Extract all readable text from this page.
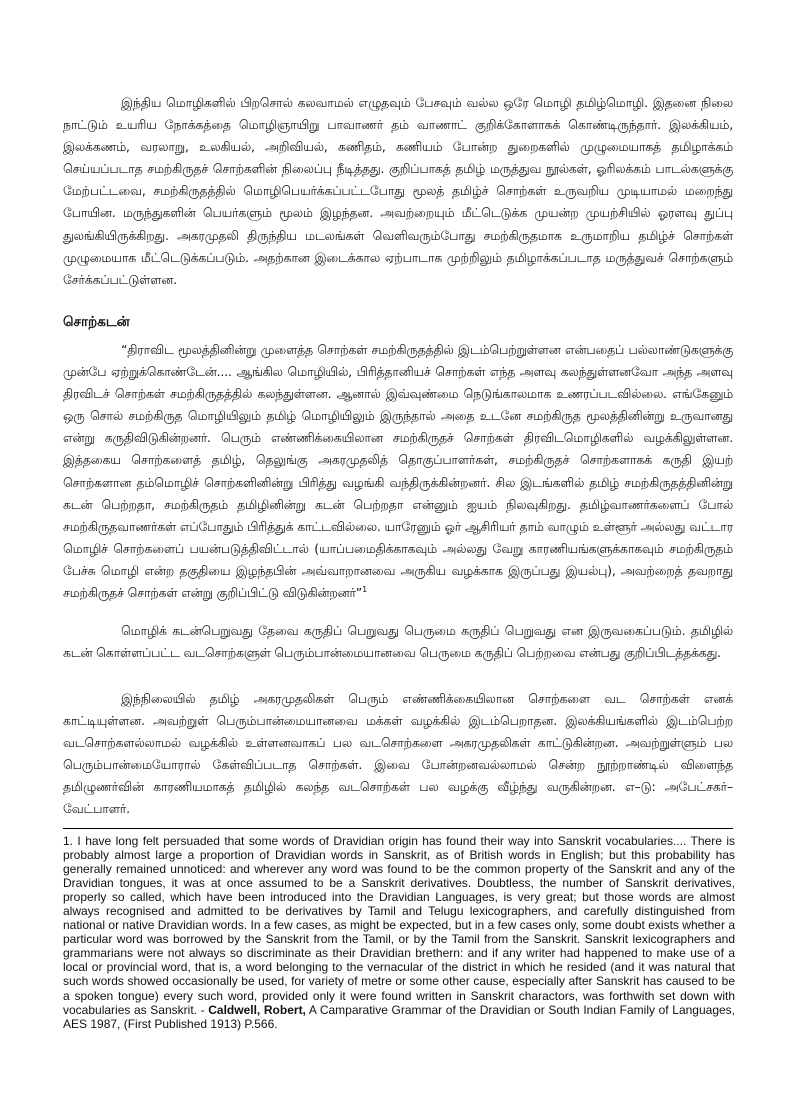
இந்திய மொழிகளில் பிறசொல் கலவாமல் எழுதவும் பேசவும் வல்ல ஒரே மொழி தமிழ்மொழி. இதனை நிலை நாட்டும் உயரிய நோக்கத்தை மொழிஞாயிறு பாவாணர் தம் வாணாட் குறிக்கோளாகக் கொண்டிருந்தார். இலக்கியம், இலக்கணம், வரலாறு, உலகியல், அறிவியல், கணிதம், கணியம் போன்ற துறைகளில் முழுமையாகத் தமிழாக்கம் செய்யப்படாத சமற்கிருதச் சொற்களின் நிலைப்பு நீடித்தது. குறிப்பாகத் தமிழ் மருத்துவ நூல்கள், ஓரிலக்கம் பாடல்களுக்கு மேற்பட்டவை, சமற்கிருதத்தில் மொழிபெயர்க்கப்பட்டபோது மூலத் தமிழ்ச் சொற்கள் உருவறிய முடியாமல் மறைந்து போயின. மருந்துகளின் பெயர்களும் மூலம் இழந்தன. அவற்றையும் மீட்டெடுக்க முயன்ற முயற்சியில் ஓரளவு துப்பு துலங்கியிருக்கிறது. அகரமுதலி திருந்திய மடலங்கள் வெளிவரும்போது சமற்கிருதமாக உருமாறிய தமிழ்ச் சொற்கள் முழுமையாக மீட்டெடுக்கப்படும். அதற்கான இடைக்கால ஏற்பாடாக முற்றிலும் தமிழாக்கப்படாத மருத்துவச் சொற்களும் சேர்க்கப்பட்டுள்ளன.

சொற்கடன்

“திராவிட மூலத்தினின்று முளைத்த சொற்கள் சமற்கிருதத்தில் இடம்பெற்றுள்ளன என்பதைப் பல்லாண்டுகளுக்கு முன்பே ஏற்றுக்கொண்டேன்.... ஆங்கில மொழியில், பிரித்தானியச் சொற்கள் எந்த அளவு கலந்துள்ளனவோ அந்த அளவு திரவிடச் சொற்கள் சமற்கிருதத்தில் கலந்துள்ளன. ஆனால் இவ்வுண்மை நெடுங்காலமாக உணரப்படவில்லை. எங்கேனும் ஒரு சொல் சமற்கிருத மொழியிலும் தமிழ் மொழியிலும் இருந்தால் அதை உடனே சமற்கிருத மூலத்தினின்று உருவானது என்று கருதிவிடுகின்றனர். பெரும் எண்ணிக்கையிலான சமற்கிருதச் சொற்கள் திரவிடமொழிகளில் வழக்கிலுள்ளன. இத்தகைய சொற்களைத் தமிழ், தெலுங்கு அகரமுதலித் தொகுப்பாளர்கள், சமற்கிருதச் சொற்களாகக் கருதி இயற் சொற்களான தம்மொழிச் சொற்களினின்று பிரித்து வழங்கி வந்திருக்கின்றனர். சில இடங்களில் தமிழ் சமற்கிருதத்தினின்று கடன் பெற்றதா, சமற்கிருதம் தமிழினின்று கடன் பெற்றதா என்னும் ஐயம் நிலவுகிறது. தமிழ்வாணர்களைப் போல் சமற்கிருதவாணர்கள் எப்போதும் பிரித்துக் காட்டவில்லை. யாரேனும் ஓர் ஆசிரியர் தாம் வாழும் உள்ளூர் அல்லது வட்டார மொழிச் சொற்களைப் பயன்படுத்திவிட்டால் (யாப்பமைதிக்காகவும் அல்லது வேறு காரணியங்களுக்காகவும் சமற்கிருதம் பேச்சு மொழி என்ற தகுதியை இழந்தபின் அவ்வாறானவை அருகிய வழக்காக இருப்பது இயல்பு), அவற்றைத் தவறாது சமற்கிருதச் சொற்கள் என்று குறிப்பிட்டு விடுகின்றனர்”$^1$

மொழிக் கடன்பெறுவது தேவை கருதிப் பெறுவது பெருமை கருதிப் பெறுவது என இருவகைப்படும். தமிழில் கடன் கொள்ளப்பட்ட வடசொற்களுள் பெரும்பான்மையானவை பெருமை கருதிப் பெற்றவை என்பது குறிப்பிடத்தக்கது.

இந்நிலையில் தமிழ் அகரமுதலிகள் பெரும் எண்ணிக்கையிலான சொற்களை வட சொற்கள் எனக் காட்டியுள்ளன. அவற்றுள் பெரும்பான்மையானவை மக்கள் வழக்கில் இடம்பெறாதன. இலக்கியங்களில் இடம்பெற்ற வடசொற்களல்லாமல் வழக்கில் உள்ளனவாகப் பல வடசொற்களை அகரமுதலிகள் காட்டுகின்றன. அவற்றுள்ளும் பல பெரும்பான்மையோரால் கேள்விப்படாத சொற்கள். இவை போன்றனவல்லாமல் சென்ற நூற்றாண்டில் விளைந்த தமிழுணர்வின் காரணியமாகத் தமிழில் கலந்த வடசொற்கள் பல வழக்கு வீழ்ந்து வருகின்றன. எ–டு: அபேட்சகர்–வேட்பாளர்.

1. I have long felt persuaded that some words of Dravidian origin has found their way into Sanskrit vocabularies.... There is probably almost large a proportion of Dravidian words in Sanskrit, as of British words in English; but this probability has generally remained unnoticed: and wherever any word was found to be the common property of the Sanskrit and any of the Dravidian tongues, it was at once assumed to be a Sanskrit derivatives. Doubtless, the number of Sanskrit derivatives, properly so called, which have been introduced into the Dravidian Languages, is very great; but those words are almost always recognised and admitted to be derivatives by Tamil and Telugu lexicographers, and carefully distinguished from national or native Dravidian words. In a few cases, as might be expected, but in a few cases only, some doubt exists whether a particular word was borrowed by the Sanskrit from the Tamil, or by the Tamil from the Sanskrit. Sanskrit lexicographers and grammarians were not always so discriminate as their Dravidian brethern: and if any writer had happened to make use of a local or provincial word, that is, a word belonging to the vernacular of the district in which he resided (and it was natural that such words showed occasionally be used, for variety of metre or some other cause, especially after Sanskrit has caused to be a spoken tongue) every such word, provided only it were found written in Sanskrit charactors, was forthwith set down with vocabularies as Sanskrit. - Caldwell, Robert, A Camparative Grammar of the Dravidian or South Indian Family of Languages, AES 1987, (First Published 1913) P.566.
